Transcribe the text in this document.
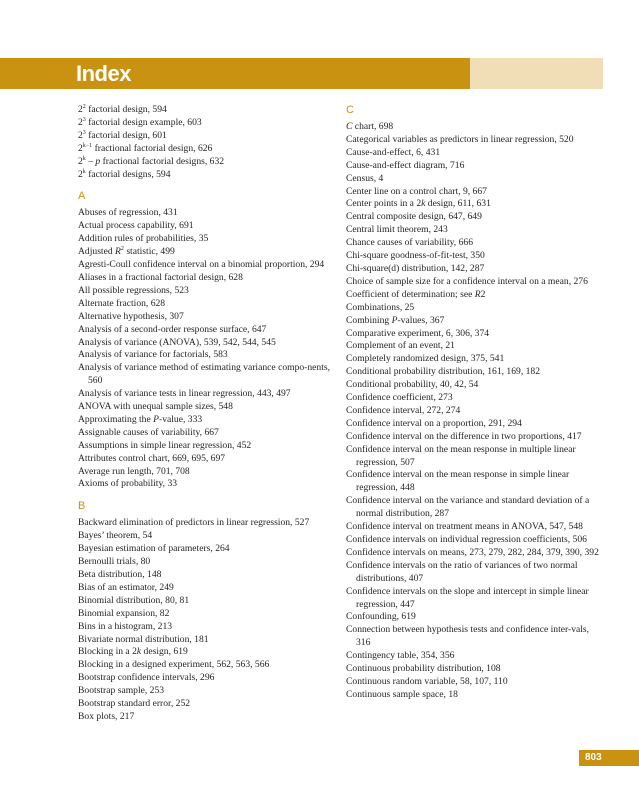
Index
$2^2$ factorial design, 594
$2^3$ factorial design example, 603
$2^3$ factorial design, 601
$2^{k-1}$ fractional factorial design, 626
2$^k$ – p fractional factorial designs, 632
2$^k$ factorial designs, 594
A
Abuses of regression, 431
Actual process capability, 691
Addition rules of probabilities, 35
Adjusted $R^2$ statistic, 499
Agresti-Coull confidence interval on a binomial proportion, 294
Aliases in a fractional factorial design, 628
All possible regressions, 523
Alternate fraction, 628
Alternative hypothesis, 307
Analysis of a second-order response surface, 647
Analysis of variance (ANOVA), 539, 542, 544, 545
Analysis of variance for factorials, 583
Analysis of variance method of estimating variance compo-nents, 560
Analysis of variance tests in linear regression, 443, 497
ANOVA with unequal sample sizes, 548
Approximating the P-value, 333
Assignable causes of variability, 667
Assumptions in simple linear regression, 452
Attributes control chart, 669, 695, 697
Average run length, 701, 708
Axioms of probability, 33
B
Backward elimination of predictors in linear regression, 527
Bayes’ theorem, 54
Bayesian estimation of parameters, 264
Bernoulli trials, 80
Beta distribution, 148
Bias of an estimator, 249
Binomial distribution, 80, 81
Binomial expansion, 82
Bins in a histogram, 213
Bivariate normal distribution, 181
Blocking in a 2k design, 619
Blocking in a designed experiment, 562, 563, 566
Bootstrap confidence intervals, 296
Bootstrap sample, 253
Bootstrap standard error, 252
Box plots, 217
C
C chart, 698
Categorical variables as predictors in linear regression, 520
Cause-and-effect, 6, 431
Cause-and-effect diagram, 716
Census, 4
Center line on a control chart, 9, 667
Center points in a 2k design, 611, 631
Central composite design, 647, 649
Central limit theorem, 243
Chance causes of variability, 666
Chi-square goodness-of-fit-test, 350
Chi-square(d) distribution, 142, 287
Choice of sample size for a confidence interval on a mean, 276
Coefficient of determination; see R2
Combinations, 25
Combining P-values, 367
Comparative experiment, 6, 306, 374
Complement of an event, 21
Completely randomized design, 375, 541
Conditional probability distribution, 161, 169, 182
Conditional probability, 40, 42, 54
Confidence coefficient, 273
Confidence interval, 272, 274
Confidence interval on a proportion, 291, 294
Confidence interval on the difference in two proportions, 417
Confidence interval on the mean response in multiple linear regression, 507
Confidence interval on the mean response in simple linear regression, 448
Confidence interval on the variance and standard deviation of a normal distribution, 287
Confidence interval on treatment means in ANOVA, 547, 548
Confidence intervals on individual regression coefficients, 506
Confidence intervals on means, 273, 279, 282, 284, 379, 390, 392
Confidence intervals on the ratio of variances of two normal distributions, 407
Confidence intervals on the slope and intercept in simple linear regression, 447
Confounding, 619
Connection between hypothesis tests and confidence inter-vals, 316
Contingency table, 354, 356
Continuous probability distribution, 108
Continuous random variable, 58, 107, 110
Continuous sample space, 18
803
